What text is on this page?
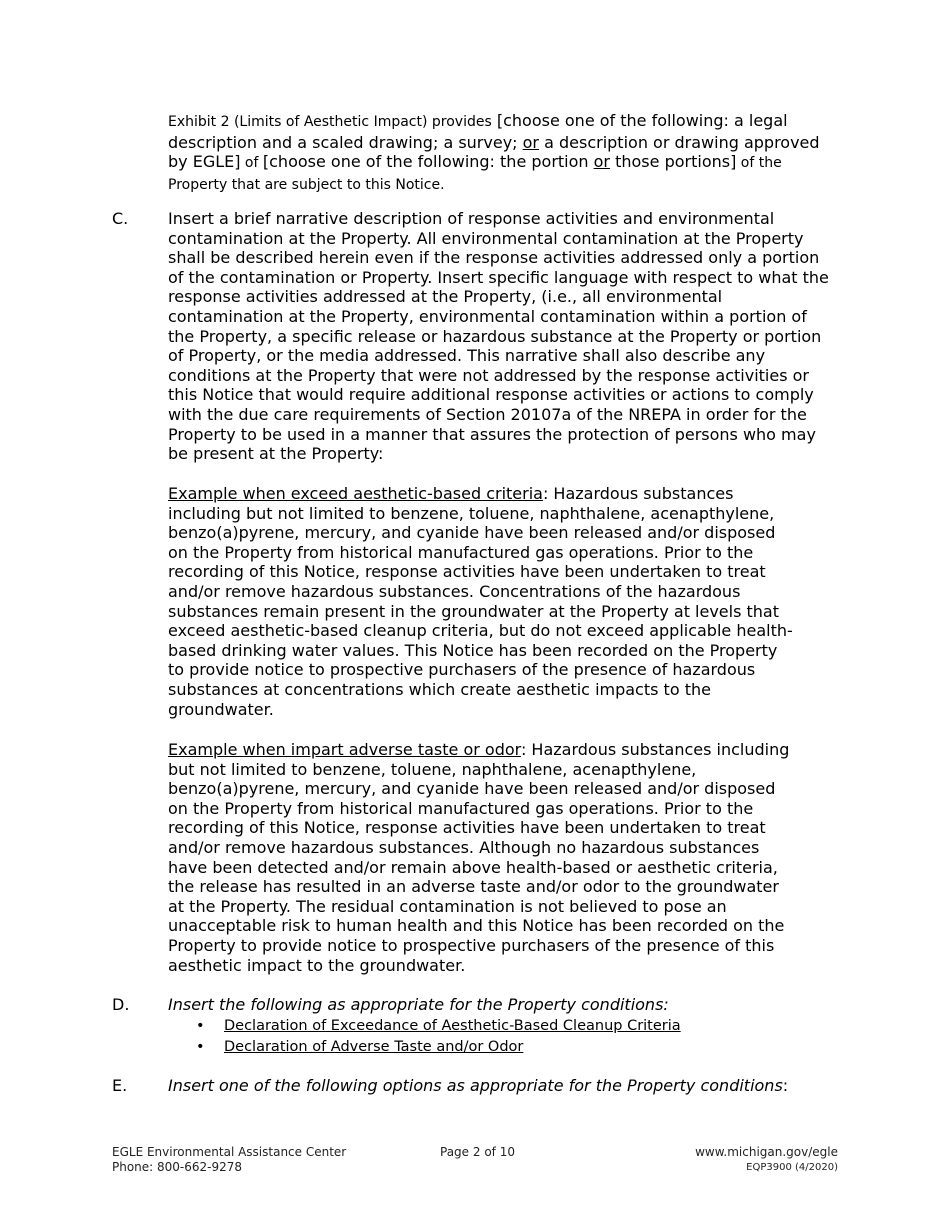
Exhibit 2 (Limits of Aesthetic Impact) provides [choose one of the following: a legal description and a scaled drawing; a survey; or a description or drawing approved by EGLE] of [choose one of the following: the portion or those portions] of the Property that are subject to this Notice.
C. Insert a brief narrative description of response activities and environmental contamination at the Property. All environmental contamination at the Property shall be described herein even if the response activities addressed only a portion of the contamination or Property. Insert specific language with respect to what the response activities addressed at the Property, (i.e., all environmental contamination at the Property, environmental contamination within a portion of the Property, a specific release or hazardous substance at the Property or portion of Property, or the media addressed. This narrative shall also describe any conditions at the Property that were not addressed by the response activities or this Notice that would require additional response activities or actions to comply with the due care requirements of Section 20107a of the NREPA in order for the Property to be used in a manner that assures the protection of persons who may be present at the Property:
Example when exceed aesthetic-based criteria: Hazardous substances including but not limited to benzene, toluene, naphthalene, acenapthylene, benzo(a)pyrene, mercury, and cyanide have been released and/or disposed on the Property from historical manufactured gas operations. Prior to the recording of this Notice, response activities have been undertaken to treat and/or remove hazardous substances. Concentrations of the hazardous substances remain present in the groundwater at the Property at levels that exceed aesthetic-based cleanup criteria, but do not exceed applicable health-based drinking water values. This Notice has been recorded on the Property to provide notice to prospective purchasers of the presence of hazardous substances at concentrations which create aesthetic impacts to the groundwater.
Example when impart adverse taste or odor: Hazardous substances including but not limited to benzene, toluene, naphthalene, acenapthylene, benzo(a)pyrene, mercury, and cyanide have been released and/or disposed on the Property from historical manufactured gas operations. Prior to the recording of this Notice, response activities have been undertaken to treat and/or remove hazardous substances. Although no hazardous substances have been detected and/or remain above health-based or aesthetic criteria, the release has resulted in an adverse taste and/or odor to the groundwater at the Property. The residual contamination is not believed to pose an unacceptable risk to human health and this Notice has been recorded on the Property to provide notice to prospective purchasers of the presence of this aesthetic impact to the groundwater.
D. Insert the following as appropriate for the Property conditions:
•	Declaration of Exceedance of Aesthetic-Based Cleanup Criteria
•	Declaration of Adverse Taste and/or Odor
E.	Insert one of the following options as appropriate for the Property conditions:
EGLE Environmental Assistance Center
Phone: 800-662-9278
Page 2 of 10	www.michigan.gov/egle
EQP3900 (4/2020)
